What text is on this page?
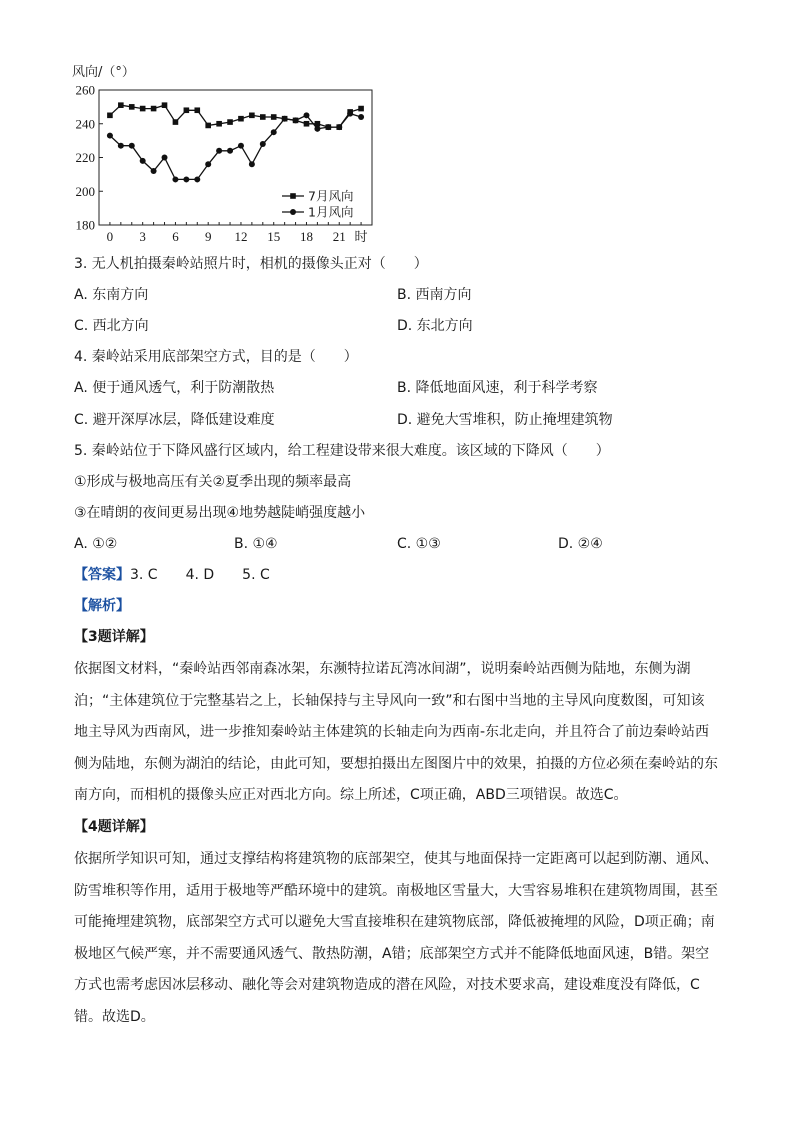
风向/（°）
180
200
220
240
260
0 3 6 9 12 15 18 21 时
7月风向
1月风向
3. 无人机拍摄秦岭站照片时，相机的摄像头正对（　　）
A. 东南方向	B. 西南方向
C. 西北方向	D. 东北方向
4. 秦岭站采用底部架空方式，目的是（　　）
A. 便于通风透气，利于防潮散热	B. 降低地面风速，利于科学考察
C. 避开深厚冰层，降低建设难度	D. 避免大雪堆积，防止掩埋建筑物
5. 秦岭站位于下降风盛行区域内，给工程建设带来很大难度。该区域的下降风（　　）
①形成与极地高压有关②夏季出现的频率最高
③在晴朗的夜间更易出现④地势越陡峭强度越小
A. ①②	B. ①④	C. ①③	D. ②④
【答案】3. C　　4. D　　5. C
【解析】
【3题详解】
依据图文材料，“秦岭站西邻南森冰架，东濒特拉诺瓦湾冰间湖”，说明秦岭站西侧为陆地，东侧为湖
泊；“主体建筑位于完整基岩之上，长轴保持与主导风向一致”和右图中当地的主导风向度数图，可知该
地主导风为西南风，进一步推知秦岭站主体建筑的长轴走向为西南-东北走向，并且符合了前边秦岭站西
侧为陆地，东侧为湖泊的结论，由此可知，要想拍摄出左图图片中的效果，拍摄的方位必须在秦岭站的东
南方向，而相机的摄像头应正对西北方向。综上所述，C项正确，ABD三项错误。故选C。
【4题详解】
依据所学知识可知，通过支撑结构将建筑物的底部架空，使其与地面保持一定距离可以起到防潮、通风、
防雪堆积等作用，适用于极地等严酷环境中的建筑。南极地区雪量大，大雪容易堆积在建筑物周围，甚至
可能掩埋建筑物，底部架空方式可以避免大雪直接堆积在建筑物底部，降低被掩埋的风险，D项正确；南
极地区气候严寒，并不需要通风透气、散热防潮，A错；底部架空方式并不能降低地面风速，B错。架空
方式也需考虑因冰层移动、融化等会对建筑物造成的潜在风险，对技术要求高，建设难度没有降低，C
错。故选D。
